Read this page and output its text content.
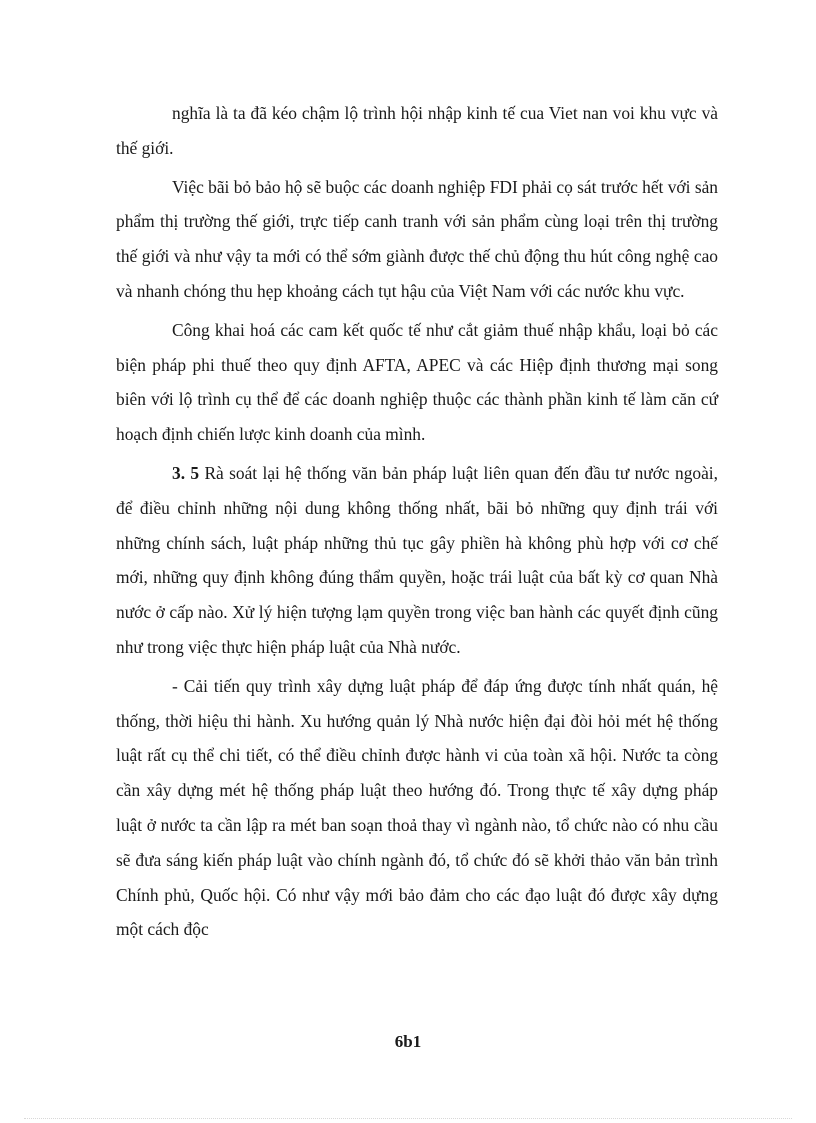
nghĩa là ta đã kéo chậm lộ trình hội nhập kinh tế cua Viet nan voi khu vực và thế giới.

Việc bãi bỏ bảo hộ sẽ buộc các doanh nghiệp FDI phải cọ sát trước hết với sản phẩm thị trường thế giới, trực tiếp canh tranh với sản phẩm cùng loại trên thị trường thế giới và như vậy ta mới có thể sớm giành được thế chủ động thu hút công nghệ cao và nhanh chóng thu hẹp khoảng cách tụt hậu của Việt Nam với các nước khu vực.

Công khai hoá các cam kết quốc tế như cắt giảm thuế nhập khẩu, loại bỏ các biện pháp phi thuế theo quy định AFTA, APEC và các Hiệp định thương mại song biên với lộ trình cụ thể để các doanh nghiệp thuộc các thành phần kinh tế làm căn cứ hoạch định chiến lược kinh doanh của mình.

3. 5 Rà soát lại hệ thống văn bản pháp luật liên quan đến đầu tư nước ngoài, để điều chỉnh những nội dung không thống nhất, bãi bỏ những quy định trái với những chính sách, luật pháp những thủ tục gây phiền hà không phù hợp với cơ chế mới, những quy định không đúng thẩm quyền, hoặc trái luật của bất kỳ cơ quan Nhà nước ở cấp nào. Xử lý hiện tượng lạm quyền trong việc ban hành các quyết định cũng như trong việc thực hiện pháp luật của Nhà nước.

- Cải tiến quy trình xây dựng luật pháp để đáp ứng được tính nhất quán, hệ thống, thời hiệu thi hành. Xu hướng quản lý Nhà nước hiện đại đòi hỏi mét hệ thống luật rất cụ thể chi tiết, có thể điều chỉnh được hành vi của toàn xã hội. Nước ta còng cần xây dựng mét hệ thống pháp luật theo hướng đó. Trong thực tế xây dựng pháp luật ở nước ta cần lập ra mét ban soạn thoả thay vì ngành nào, tổ chức nào có nhu cầu sẽ đưa sáng kiến pháp luật vào chính ngành đó, tổ chức đó sẽ khởi thảo văn bản trình Chính phủ, Quốc hội. Có như vậy mới bảo đảm cho các đạo luật đó được xây dựng một cách độc

6b1
